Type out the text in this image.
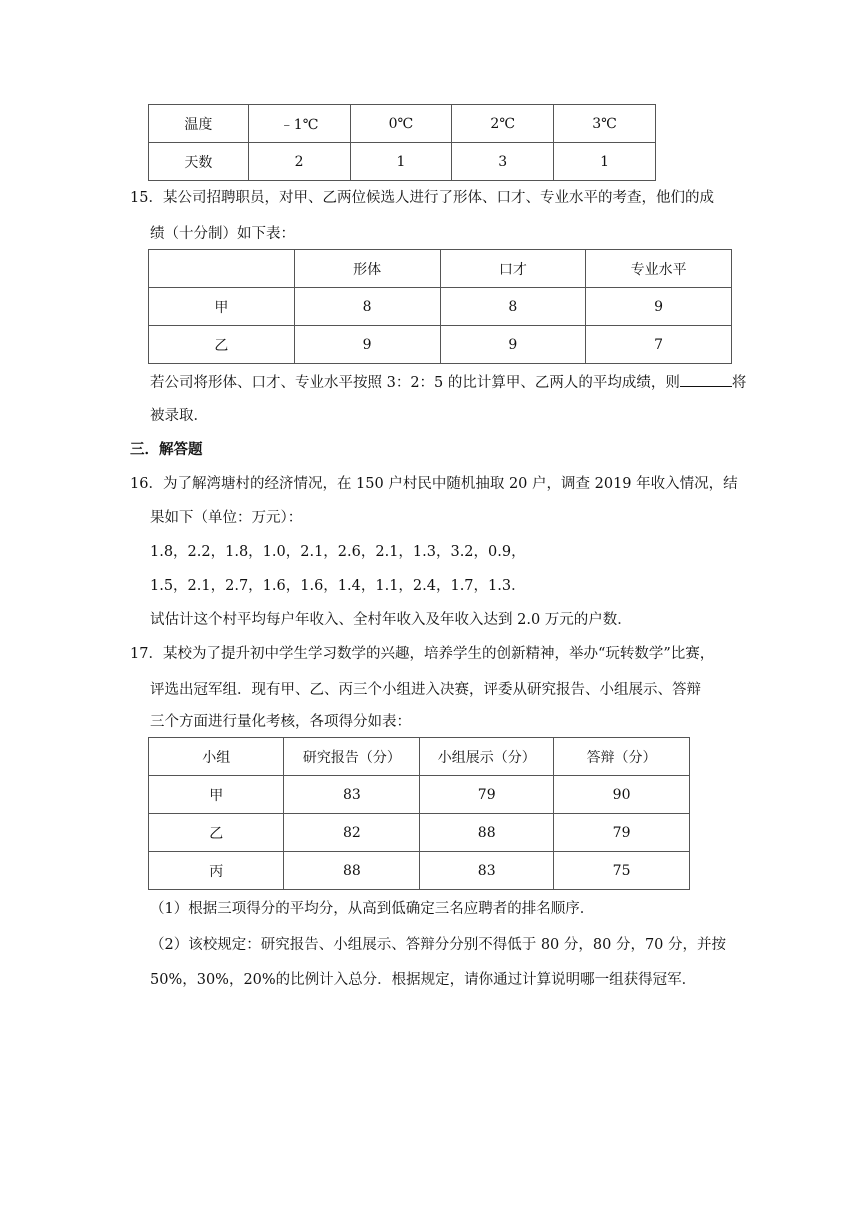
温度	﹣1℃	0℃	2℃	3℃
天数	2	1	3	1
15．某公司招聘职员，对甲、乙两位候选人进行了形体、口才、专业水平的考查，他们的成
绩（十分制）如下表：
	形体	口才	专业水平
甲	8	8	9
乙	9	9	7
若公司将形体、口才、专业水平按照 3：2：5 的比计算甲、乙两人的平均成绩，则	将
被录取．
三．解答题
16．为了解湾塘村的经济情况，在 150 户村民中随机抽取 20 户，调查 2019 年收入情况，结
果如下（单位：万元）：
1.8，2.2，1.8，1.0，2.1，2.6，2.1，1.3，3.2，0.9，
1.5，2.1，2.7，1.6，1.6，1.4，1.1，2.4，1.7，1.3．
试估计这个村平均每户年收入、全村年收入及年收入达到 2.0 万元的户数．
17．某校为了提升初中学生学习数学的兴趣，培养学生的创新精神，举办“玩转数学”比赛，
评选出冠军组．现有甲、乙、丙三个小组进入决赛，评委从研究报告、小组展示、答辩
三个方面进行量化考核，各项得分如表：
小组	研究报告（分）	小组展示（分）	答辩（分）
甲	83	79	90
乙	82	88	79
丙	88	83	75
（1）根据三项得分的平均分，从高到低确定三名应聘者的排名顺序．
（2）该校规定：研究报告、小组展示、答辩分分别不得低于 80 分，80 分，70 分，并按
50%，30%，20%的比例计入总分．根据规定，请你通过计算说明哪一组获得冠军．
